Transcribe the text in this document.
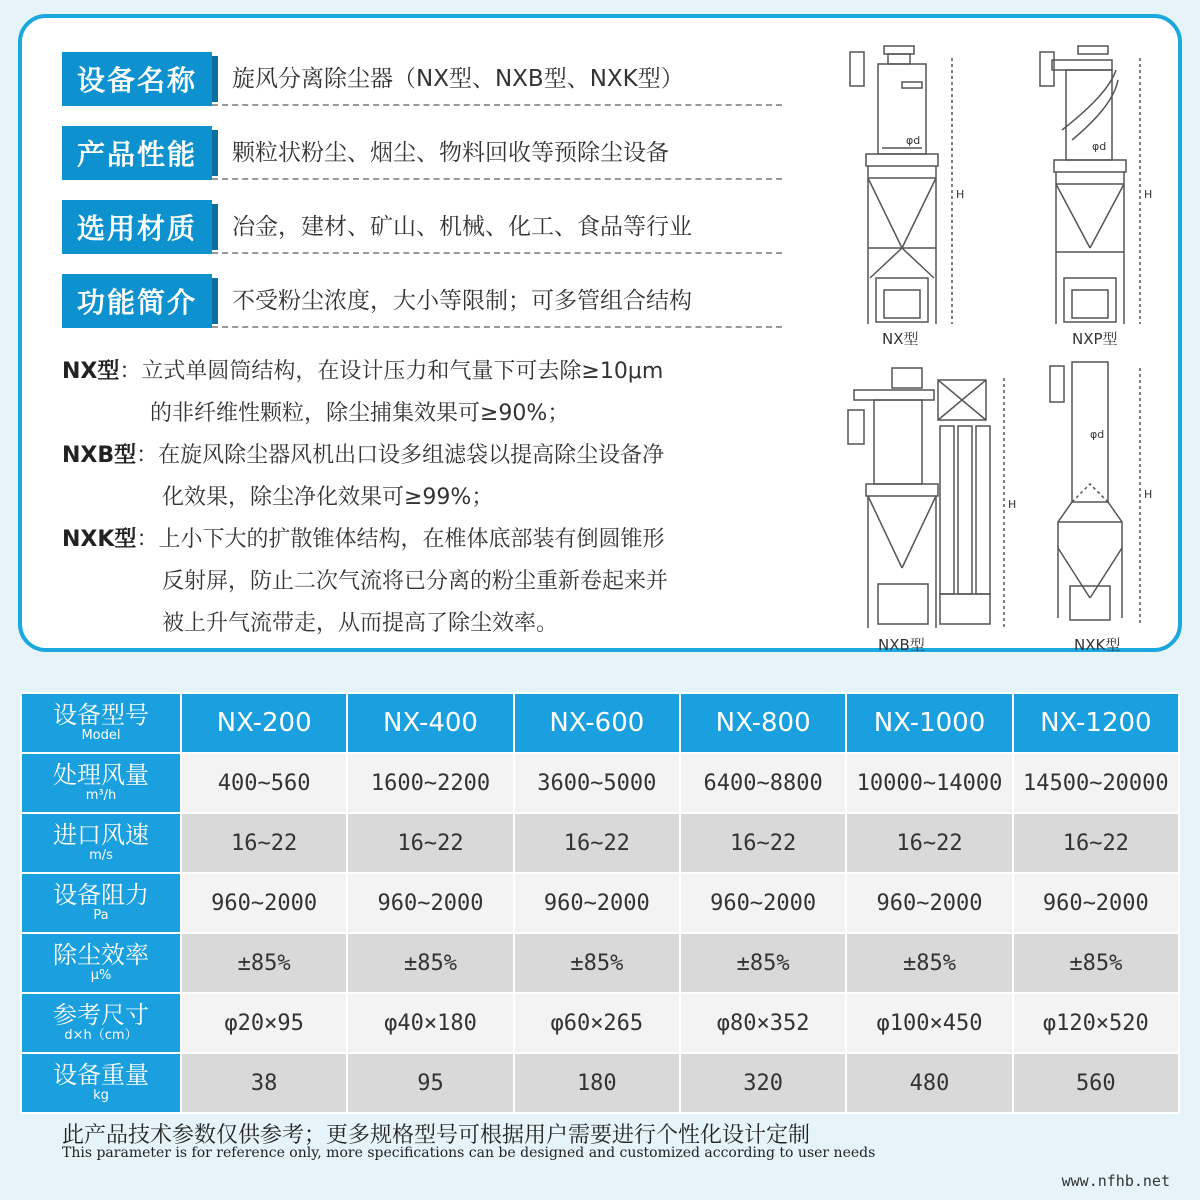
设备名称	旋风分离除尘器（NX型、NXB型、NXK型）
产品性能	颗粒状粉尘、烟尘、物料回收等预除尘设备
选用材质	冶金，建材、矿山、机械、化工、食品等行业
功能简介	不受粉尘浓度，大小等限制；可多管组合结构
NX型：立式单圆筒结构，在设计压力和气量下可去除≥10μm
的非纤维性颗粒，除尘捕集效果可≥90%；
NXB型：在旋风除尘器风机出口设多组滤袋以提高除尘设备净
化效果，除尘净化效果可≥99%；
NXK型：上小下大的扩散锥体结构，在椎体底部装有倒圆锥形
反射屏，防止二次气流将已分离的粉尘重新卷起来并
被上升气流带走，从而提高了除尘效率。
φd	φd
φd
H	H
H
H
NX型	NXP型
NXB型	NXK型
设备型号
Model	NX-200	NX-400	NX-600	NX-800	NX-1000	NX-1200

处理风量
m³/h	400~560	1600~2200	3600~5000	6400~8800	10000~14000	14500~20000

进口风速
m/s	16~22	16~22	16~22	16~22	16~22	16~22

设备阻力
Pa	960~2000	960~2000	960~2000	960~2000	960~2000	960~2000

除尘效率
μ%	±85%	±85%	±85%	±85%	±85%	±85%

参考尺寸
d×h（cm）	φ20×95	φ40×180	φ60×265	φ80×352	φ100×450	φ120×520

设备重量
kg	38	95	180	320	480	560
此产品技术参数仅供参考；更多规格型号可根据用户需要进行个性化设计定制
This parameter is for reference only, more specifications can be designed and customized according to user needs
www.nfhb.net
